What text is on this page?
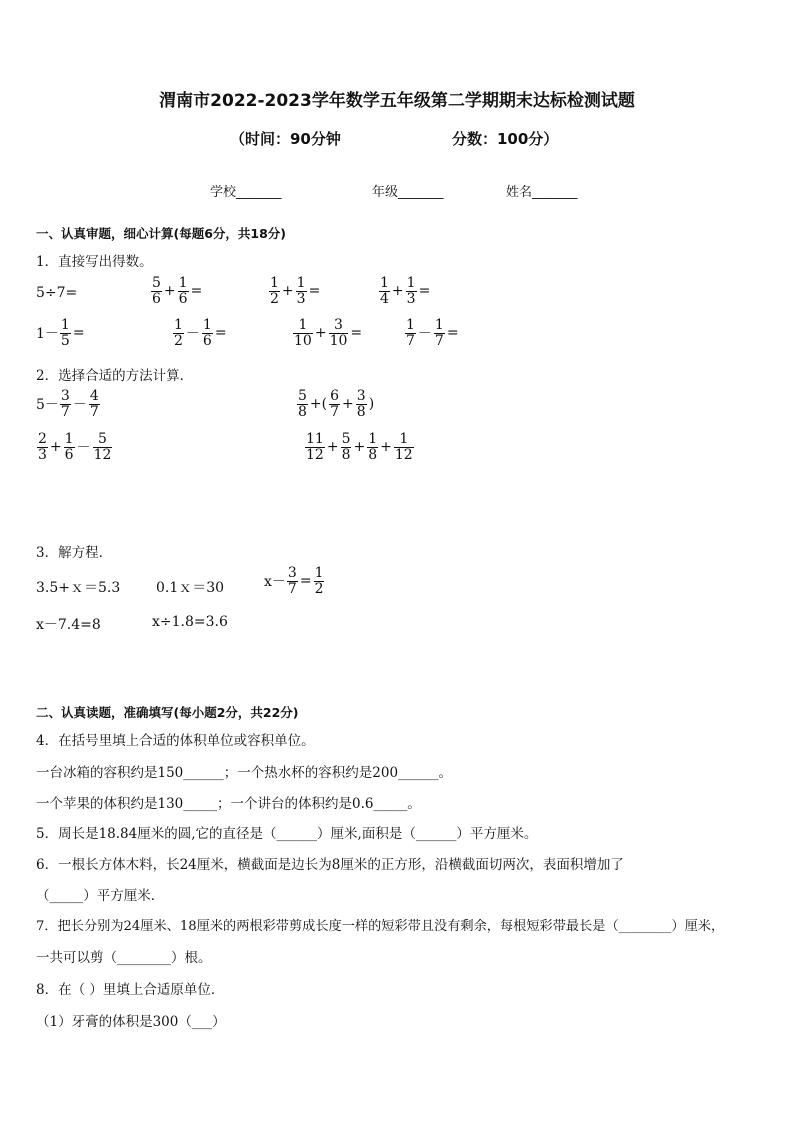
渭南市2022-2023学年数学五年级第二学期期末达标检测试题
（时间：90分钟	分数：100分）
学校_______	年级_______	姓名_______
一、认真审题，细心计算(每题6分，共18分)
1．直接写出得数。
5÷7=	$\frac{5}{6} + \frac{1}{6}$ =	$\frac{1}{2} + \frac{1}{3}$ =	$\frac{1}{4} + \frac{1}{3}$ =
$1- \frac{1}{5}$ =	$\frac{1}{2} - \frac{1}{6}$ =	$\frac{1}{10} + \frac{3}{10}$ =	$\frac{1}{7} - \frac{1}{7}$ =
2．选择合适的方法计算．
$5- \frac{3}{7} - \frac{4}{7}$	$\frac{5}{8}$ +( $\frac{6}{7} + \frac{3}{8}$ )
$\frac{2}{3} + \frac{1}{6} - \frac{5}{12}$	$\frac{11}{12} + \frac{5}{8} + \frac{1}{8} + \frac{1}{12}$
3．解方程．
3.5+ｘ＝5.3	0.1ｘ＝30	$x- \frac{3}{7} = \frac{1}{2}$
x－7.4=8	x÷1.8=3.6
二、认真读题，准确填写(每小题2分，共22分)
4．在括号里填上合适的体积单位或容积单位。
一台冰箱的容积约是150______；一个热水杯的容积约是200______。
一个苹果的体积约是130_____；一个讲台的体积约是0.6_____。
5．周长是18.84厘米的圆,它的直径是（______）厘米,面积是（______）平方厘米。
6．一根长方体木料，长24厘米，横截面是边长为8厘米的正方形，沿横截面切两次，表面积增加了
（_____）平方厘米．
7．把长分别为24厘米、18厘米的两根彩带剪成长度一样的短彩带且没有剩余，每根短彩带最长是（________）厘米，
一共可以剪（________）根。
8．在（ ）里填上合适原单位．
（1）牙膏的体积是300（___）
